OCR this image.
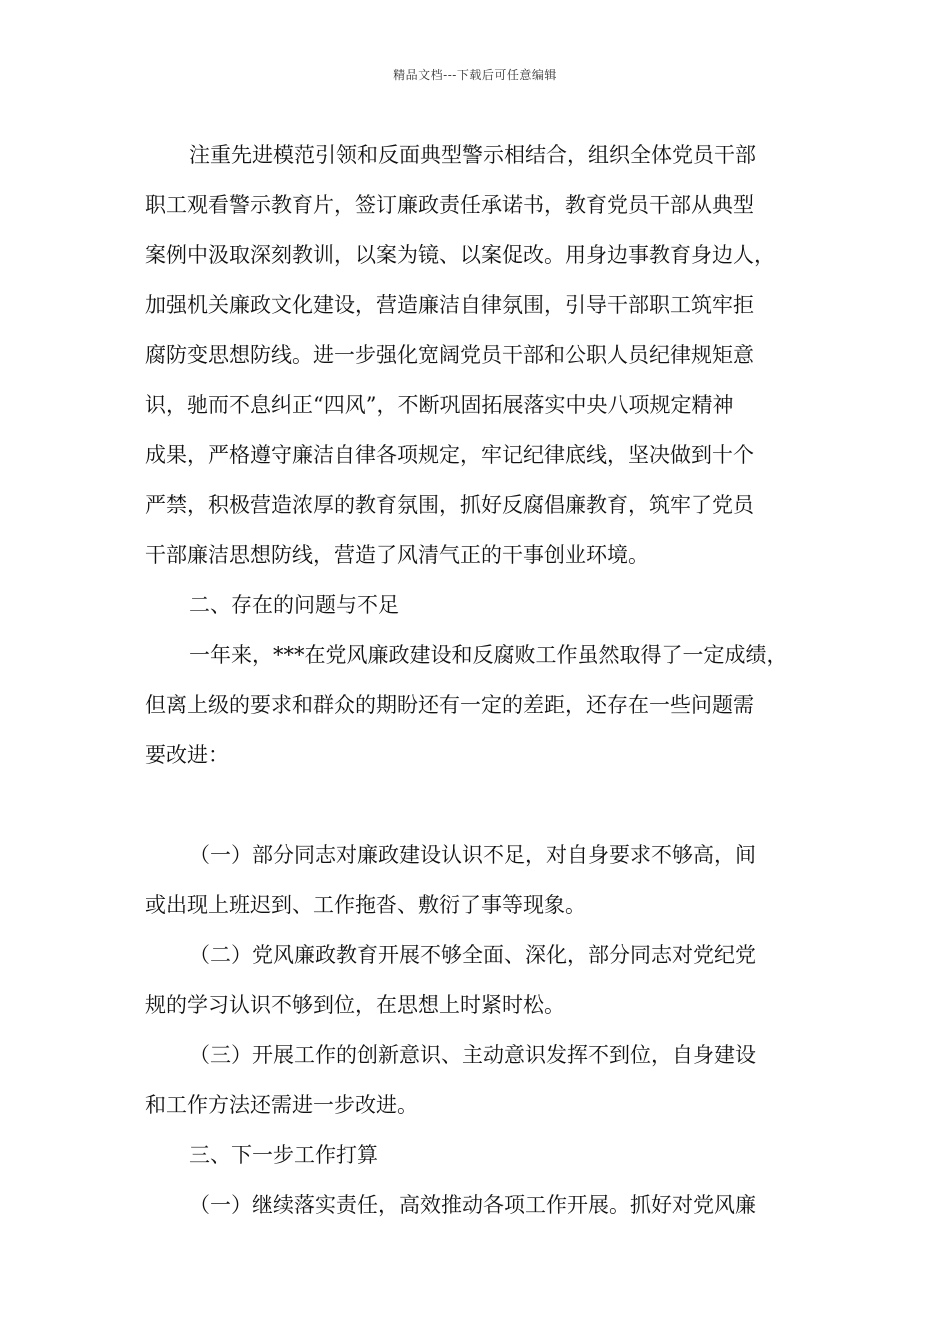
精品文档---下载后可任意编辑

注重先进模范引领和反面典型警示相结合，组织全体党员干部
职工观看警示教育片，签订廉政责任承诺书，教育党员干部从典型
案例中汲取深刻教训，以案为镜、以案促改。用身边事教育身边人，
加强机关廉政文化建设，营造廉洁自律氛围，引导干部职工筑牢拒
腐防变思想防线。进一步强化宽阔党员干部和公职人员纪律规矩意
识，驰而不息纠正“四风”，不断巩固拓展落实中央八项规定精神
成果，严格遵守廉洁自律各项规定，牢记纪律底线，坚决做到十个
严禁，积极营造浓厚的教育氛围，抓好反腐倡廉教育，筑牢了党员
干部廉洁思想防线，营造了风清气正的干事创业环境。

二、存在的问题与不足

一年来，***在党风廉政建设和反腐败工作虽然取得了一定成绩，
但离上级的要求和群众的期盼还有一定的差距，还存在一些问题需
要改进：

（一）部分同志对廉政建设认识不足，对自身要求不够高，间
或出现上班迟到、工作拖沓、敷衍了事等现象。

（二）党风廉政教育开展不够全面、深化，部分同志对党纪党
规的学习认识不够到位，在思想上时紧时松。

（三）开展工作的创新意识、主动意识发挥不到位，自身建设
和工作方法还需进一步改进。

三、下一步工作打算

（一）继续落实责任，高效推动各项工作开展。抓好对党风廉
